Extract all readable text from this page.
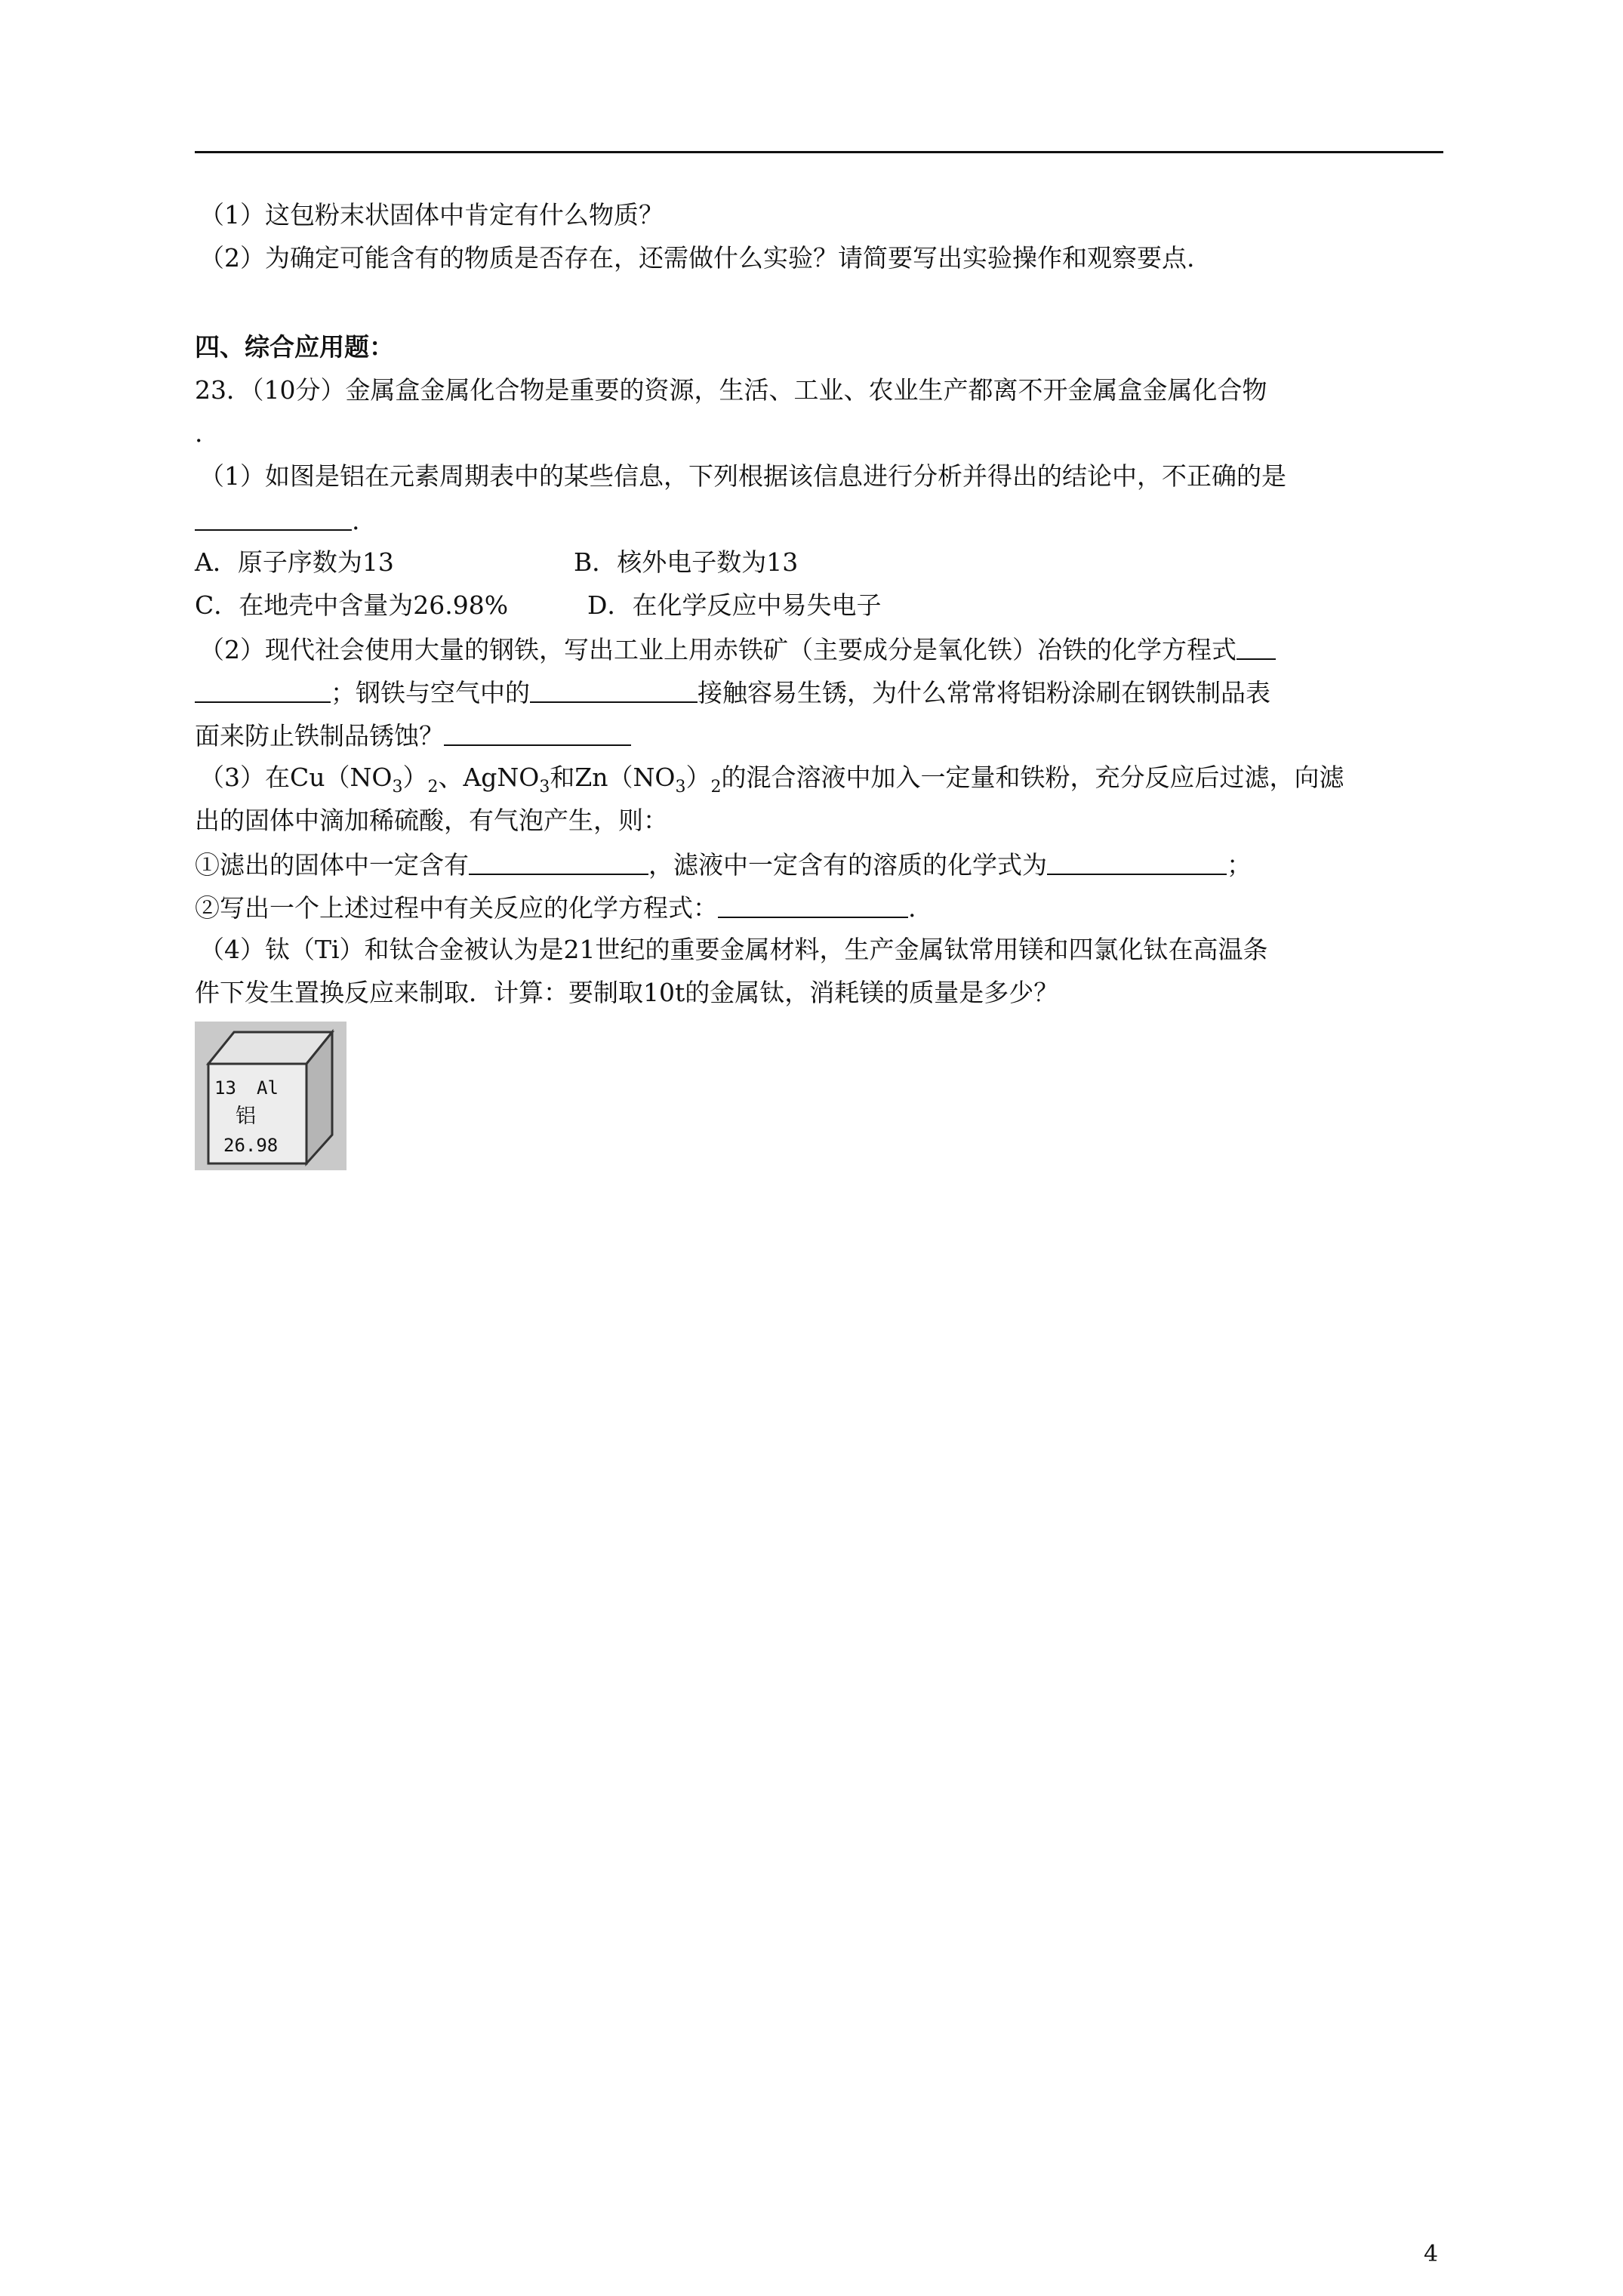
（1）这包粉末状固体中肯定有什么物质？
（2）为确定可能含有的物质是否存在，还需做什么实验？请简要写出实验操作和观察要点.
四、综合应用题：
23．（10分）金属盒金属化合物是重要的资源，生活、工业、农业生产都离不开金属盒金属化合物
.
（1）如图是铝在元素周期表中的某些信息，下列根据该信息进行分析并得出的结论中，不正确的是
.
A．原子序数为13	B．核外电子数为13
C．在地壳中含量为26.98%	D．在化学反应中易失电子
（2）现代社会使用大量的钢铁，写出工业上用赤铁矿（主要成分是氧化铁）冶铁的化学方程式
；钢铁与空气中的	接触容易生锈，为什么常常将铝粉涂刷在钢铁制品表
面来防止铁制品锈蚀？
（3）在$Cu(NO_3)_2$、AgNO$_3$和$Zn(NO_3)_2$的混合溶液中加入一定量和铁粉，充分反应后过滤，向滤
出的固体中滴加稀硫酸，有气泡产生，则：
①滤出的固体中一定含有	，滤液中一定含有的溶质的化学式为	；
②写出一个上述过程中有关反应的化学方程式：	.
（4）钛（Ti）和钛合金被认为是21世纪的重要金属材料，生产金属钛常用镁和四氯化钛在高温条
件下发生置换反应来制取．计算：要制取10t的金属钛，消耗镁的质量是多少？
13 Al
铝
26.98
4
